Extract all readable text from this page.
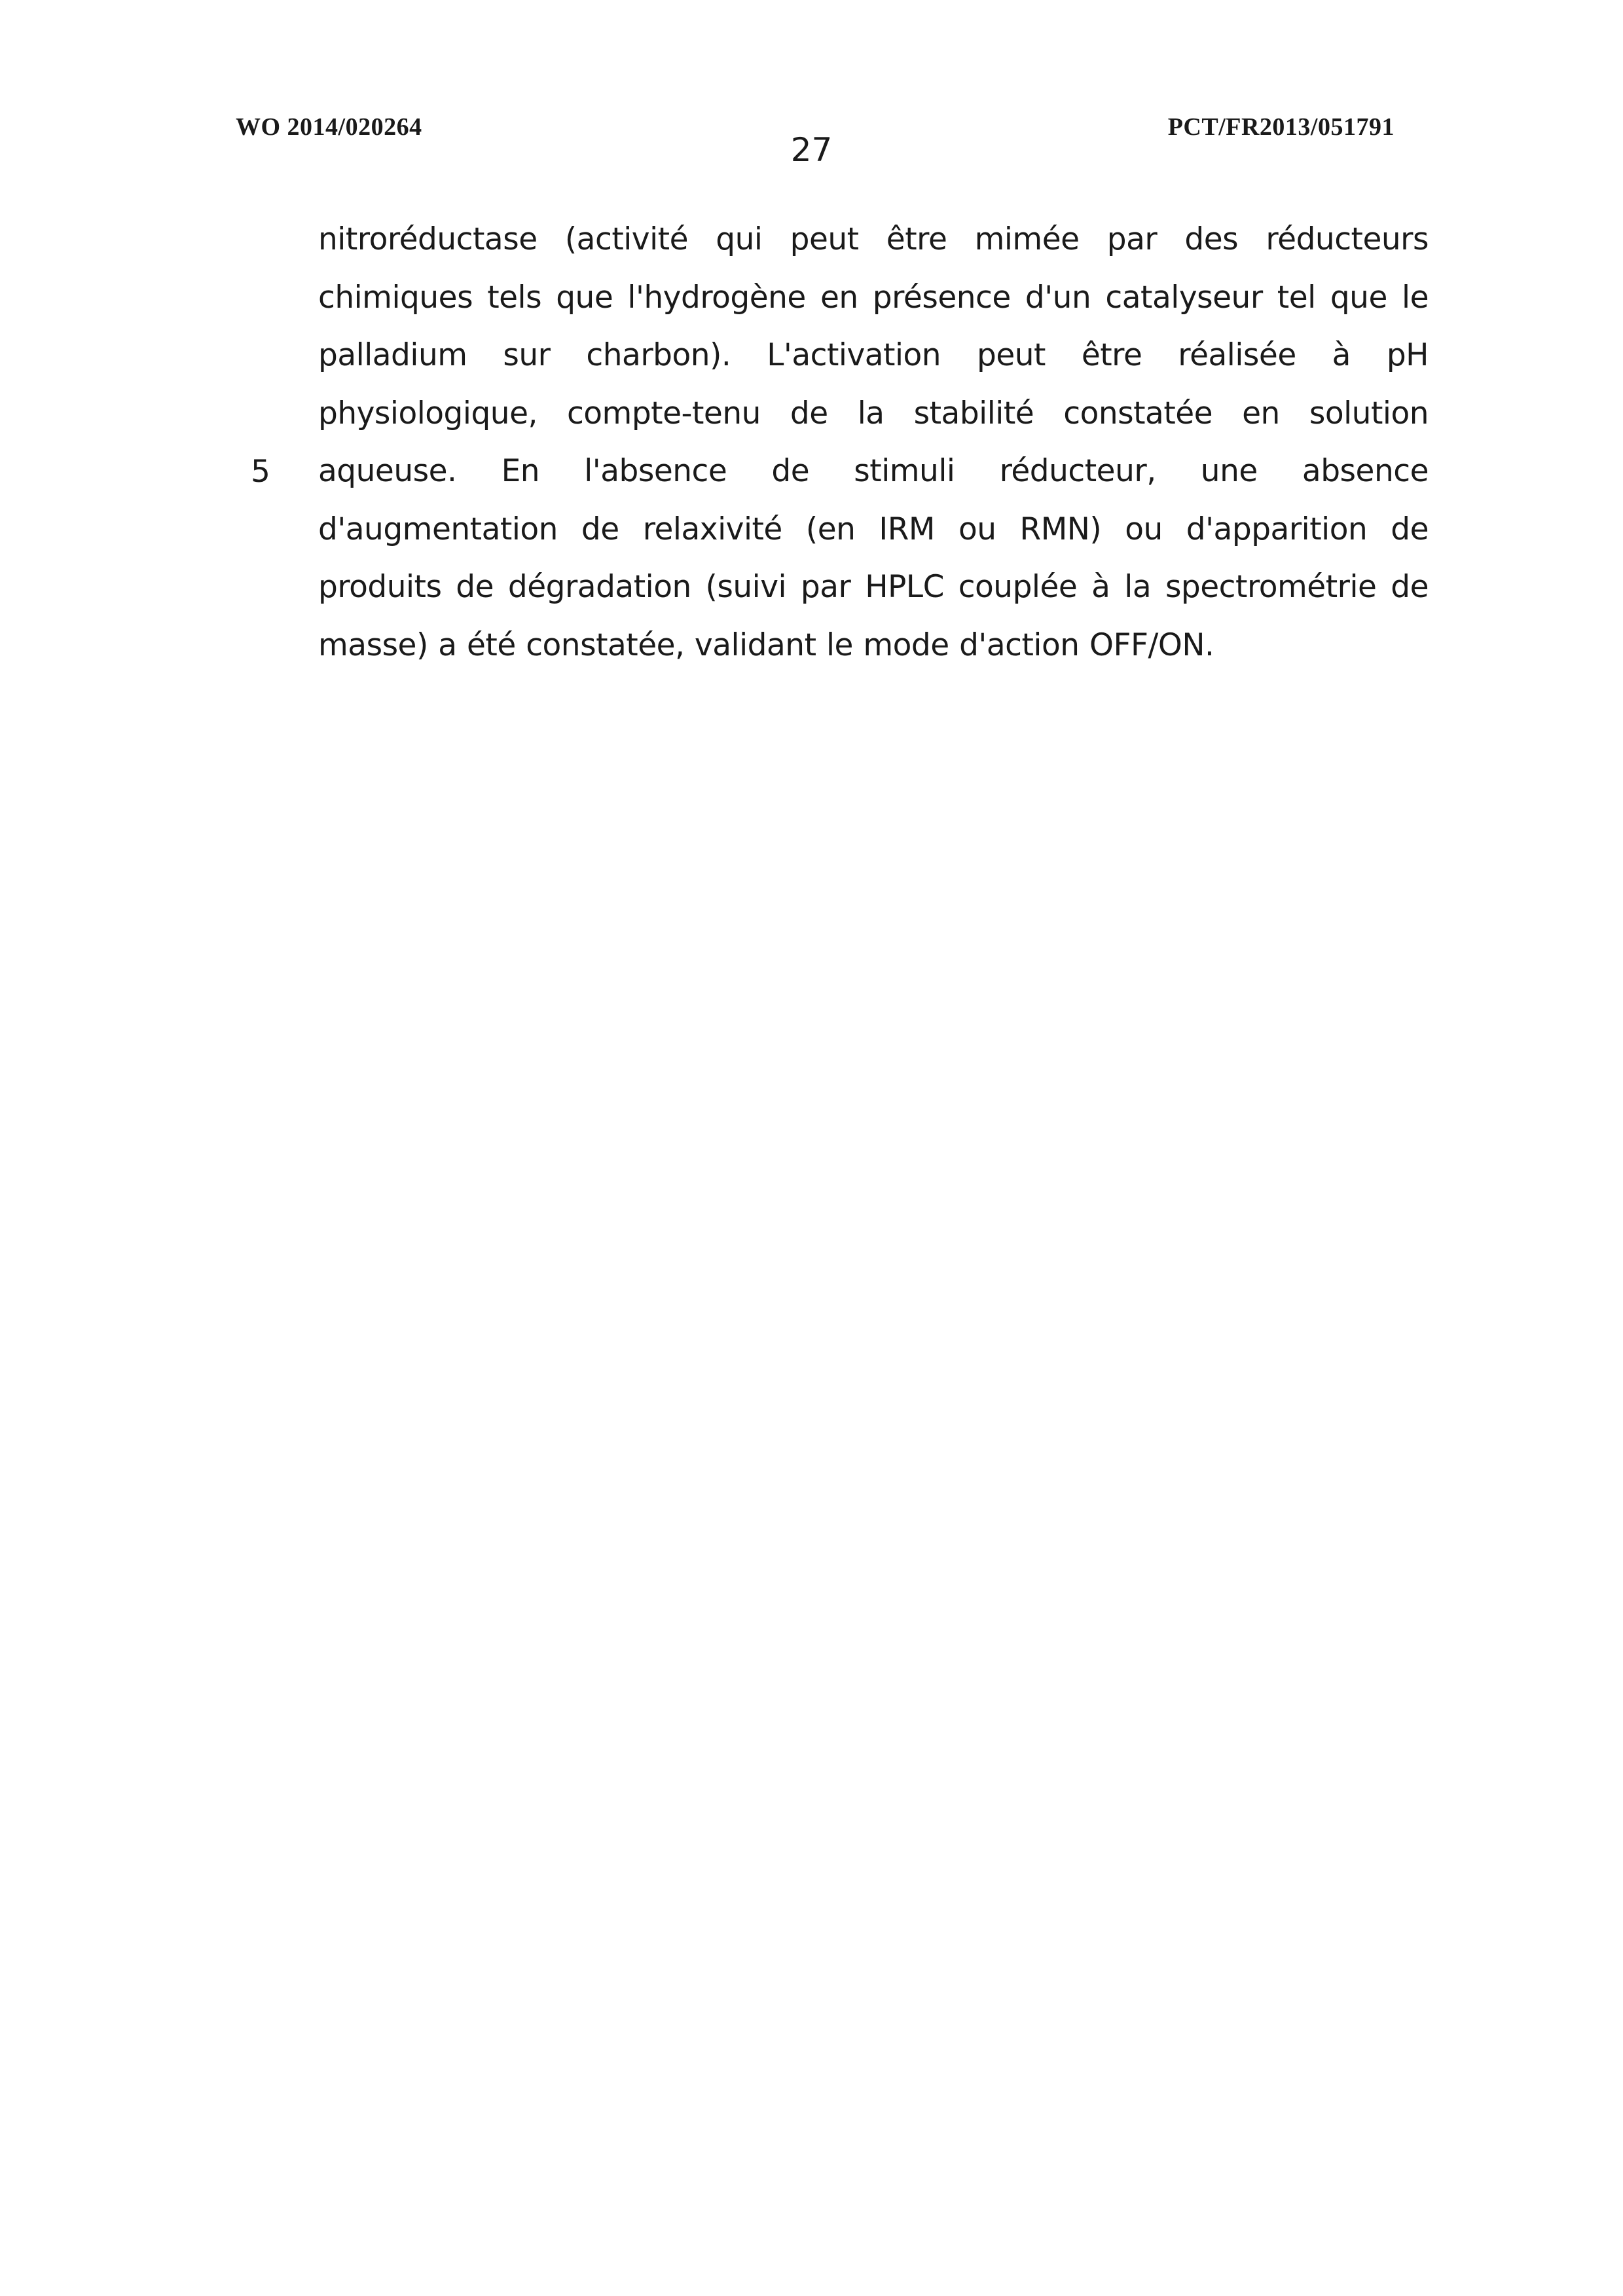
WO 2014/020264	PCT/FR2013/051791
27
5
nitroréductase (activité qui peut être mimée par des réducteurs chimiques tels que l'hydrogène en présence d'un catalyseur tel que le palladium sur charbon). L'activation peut être réalisée à pH physiologique, compte-tenu de la stabilité constatée en solution aqueuse. En l'absence de stimuli réducteur, une absence d'augmentation de relaxivité (en IRM ou RMN) ou d'apparition de produits de dégradation (suivi par HPLC couplée à la spectrométrie de masse) a été constatée, validant le mode d'action OFF/ON.
